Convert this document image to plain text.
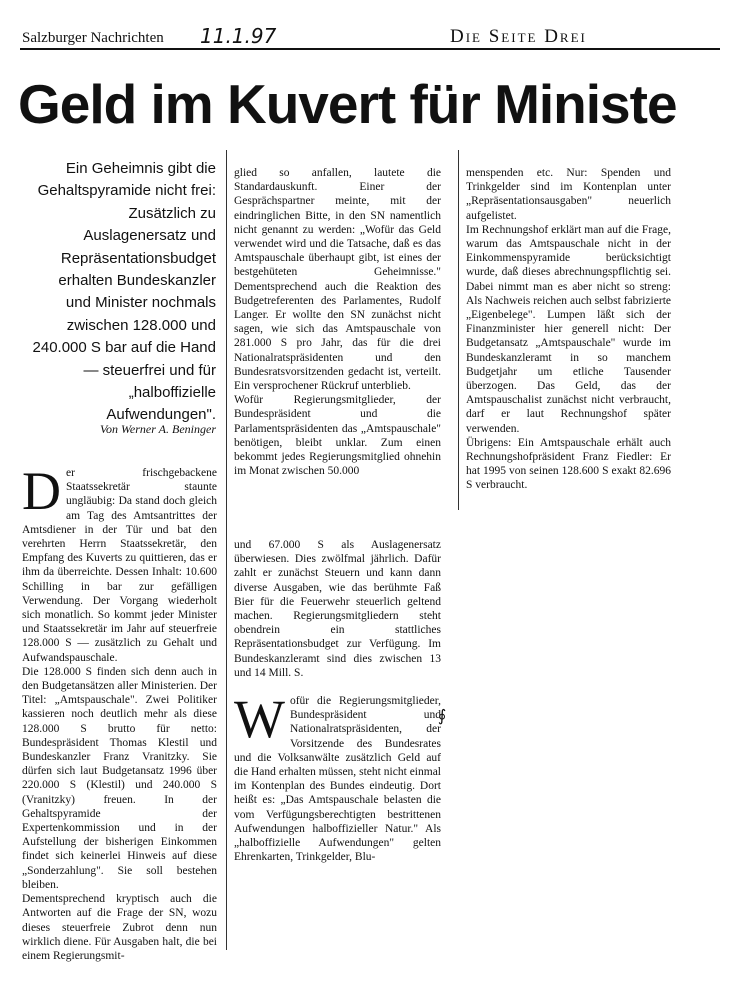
Salzburger Nachrichten 11.1.97	Die Seite Drei
Geld im Kuvert für Ministe
Ein Geheimnis gibt die Gehaltspyramide nicht frei: Zusätzlich zu Auslagenersatz und Repräsentationsbudget erhalten Bundeskanzler und Minister nochmals zwischen 128.000 und 240.000 S bar auf die Hand — steuerfrei und für „halboffizielle Aufwendungen".
Von Werner A. Beninger
D er frischgebackene Staatssekretär staunte ungläubig: Da stand doch gleich am Tag des Amtsantrittes der Amtsdiener in der Tür und bat den verehrten Herrn Staatssekretär, den Empfang des Kuverts zu quittieren, das er ihm da überreichte. Dessen Inhalt: 10.600 Schilling in bar zur gefälligen Verwendung. Der Vorgang wiederholt sich monatlich. So kommt jeder Minister und Staatssekretär im Jahr auf steuerfreie 128.000 S — zusätzlich zu Gehalt und Aufwandspauschale.

Die 128.000 S finden sich denn auch in den Budgetansätzen aller Ministerien. Der Titel: „Amtspauschale". Zwei Politiker kassieren noch deutlich mehr als diese 128.000 S brutto für netto: Bundespräsident Thomas Klestil und Bundeskanzler Franz Vranitzky. Sie dürfen sich laut Budgetansatz 1996 über 220.000 S (Klestil) und 240.000 S (Vranitzky) freuen. In der Gehaltspyramide der Expertenkommission und in der Aufstellung der bisherigen Einkommen findet sich keinerlei Hinweis auf diese „Sonderzahlung". Sie soll bestehen bleiben.

Dementsprechend kryptisch auch die Antworten auf die Frage der SN, wozu dieses steuerfreie Zubrot denn nun wirklich diene. Für Ausgaben halt, die bei einem Regierungsmit-

glied so anfallen, lautete die Standardauskunft. Einer der Gesprächspartner meinte, mit der eindringlichen Bitte, in den SN namentlich nicht genannt zu werden: „Wofür das Geld verwendet wird und die Tatsache, daß es das Amtspauschale überhaupt gibt, ist eines der bestgehüteten Geheimnisse." Dementsprechend auch die Reaktion des Budgetreferenten des Parlamentes, Rudolf Langer. Er wollte den SN zunächst nicht sagen, wie sich das Amtspauschale von 281.000 S pro Jahr, das für die drei Nationalratspräsidenten und den Bundesratsvorsitzenden gedacht ist, verteilt. Ein versprochener Rückruf unterblieb.

Wofür Regierungsmitglieder, der Bundespräsident und die Parlamentspräsidenten das „Amtspauschale" benötigen, bleibt unklar. Zum einen bekommt jedes Regierungsmitglied ohnehin im Monat zwischen 50.000

und 67.000 S als Auslagenersatz überwiesen. Dies zwölfmal jährlich. Dafür zahlt er zunächst Steuern und kann dann diverse Ausgaben, wie das berühmte Faß Bier für die Feuerwehr steuerlich geltend machen. Regierungsmitgliedern steht obendrein ein stattliches Repräsentationsbudget zur Verfügung. Im Bundeskanzleramt sind dies zwischen 13 und 14 Mill. S.

W ofür die Regierungsmitglieder, Bundespräsident und Nationalratspräsidenten, der Vorsitzende des Bundesrates und die Volksanwälte zusätzlich Geld auf die Hand erhalten müssen, steht nicht einmal im Kontenplan des Bundes eindeutig. Dort heißt es: „Das Amtspauschale belasten die vom Verfügungsberechtigten bestrittenen Aufwendungen halboffizieller Natur." Als „halboffizielle Aufwendungen" gelten Ehrenkarten, Trinkgelder, Blu-

∮

menspenden etc. Nur: Spenden und Trinkgelder sind im Kontenplan unter „Repräsentationsausgaben" neuerlich aufgelistet.

Im Rechnungshof erklärt man auf die Frage, warum das Amtspauschale nicht in der Einkommenspyramide berücksichtigt wurde, daß dieses abrechnungspflichtig sei. Dabei nimmt man es aber nicht so streng: Als Nachweis reichen auch selbst fabrizierte „Eigenbelege". Lumpen läßt sich der Finanzminister hier generell nicht: Der Budgetansatz „Amtspauschale" wurde im Bundeskanzleramt in so manchem Budgetjahr um etliche Tausender überzogen. Das Geld, das der Amtspauschalist zunächst nicht verbraucht, darf er laut Rechnungshof später verwenden.

Übrigens: Ein Amtspauschale erhält auch Rechnungshofpräsident Franz Fiedler: Er hat 1995 von seinen 128.600 S exakt 82.696 S verbraucht.
